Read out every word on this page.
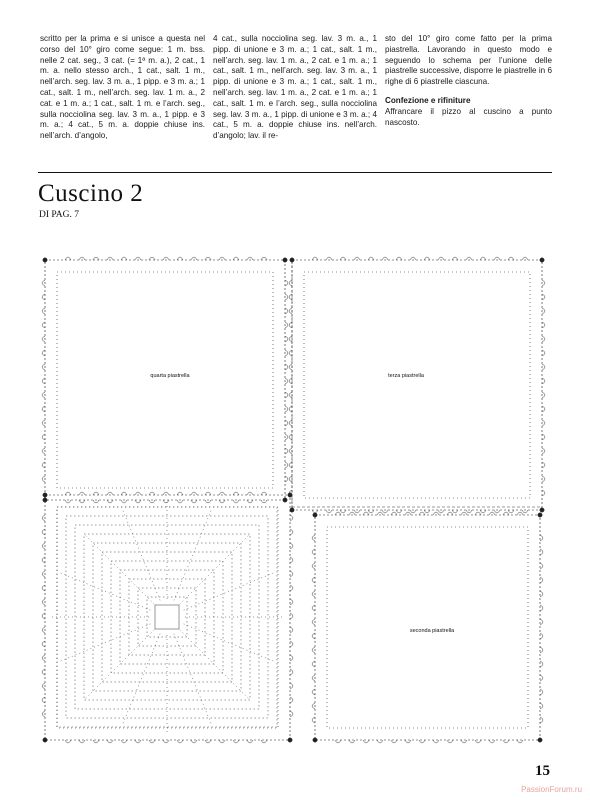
scritto per la prima e si unisce a questa nel corso del 10° giro come segue: 1 m. bss. nelle 2 cat. seg., 3 cat. (= 1ª m. a.), 2 cat., 1 m. a. nello stesso arch., 1 cat., salt. 1 m., nell’arch. seg. lav. 3 m. a., 1 pipp. e 3 m. a.; 1 cat., salt. 1 m., nell’arch. seg. lav. 1 m. a., 2 cat. e 1 m. a.; 1 cat., salt. 1 m. e l’arch. seg., sulla nocciolina seg. lav. 3 m. a., 1 pipp. e 3 m. a.; 4 cat., 5 m. a. doppie chiuse ins. nell’arch. d’angolo,

4 cat., sulla nocciolina seg. lav. 3 m. a., 1 pipp. di unione e 3 m. a.; 1 cat., salt. 1 m., nell’arch. seg. lav. 1 m. a., 2 cat. e 1 m. a.; 1 cat., salt. 1 m., nell’arch. seg. lav. 3 m. a., 1 pipp. di unione e 3 m. a.; 1 cat., salt. 1 m., nell’arch. seg. lav. 1 m. a., 2 cat. e 1 m. a.; 1 cat., salt. 1 m. e l’arch. seg., sulla nocciolina seg. lav. 3 m. a., 1 pipp. di unione e 3 m. a.; 4 cat., 5 m. a. doppie chiuse ins. nell’arch. d’angolo; lav. il re-

sto del 10° giro come fatto per la prima piastrella. Lavorando in questo modo e seguendo lo schema per l’unione delle piastrelle successive, disporre le piastrelle in 6 righe di 6 piastrelle ciascuna.

Confezione e rifiniture

Affrancare il pizzo al cuscino a punto nascosto.

Cuscino 2
DI PAG. 7
quarta piastrella	terza piastrella
seconda piastrella
15
PassionForum.ru
